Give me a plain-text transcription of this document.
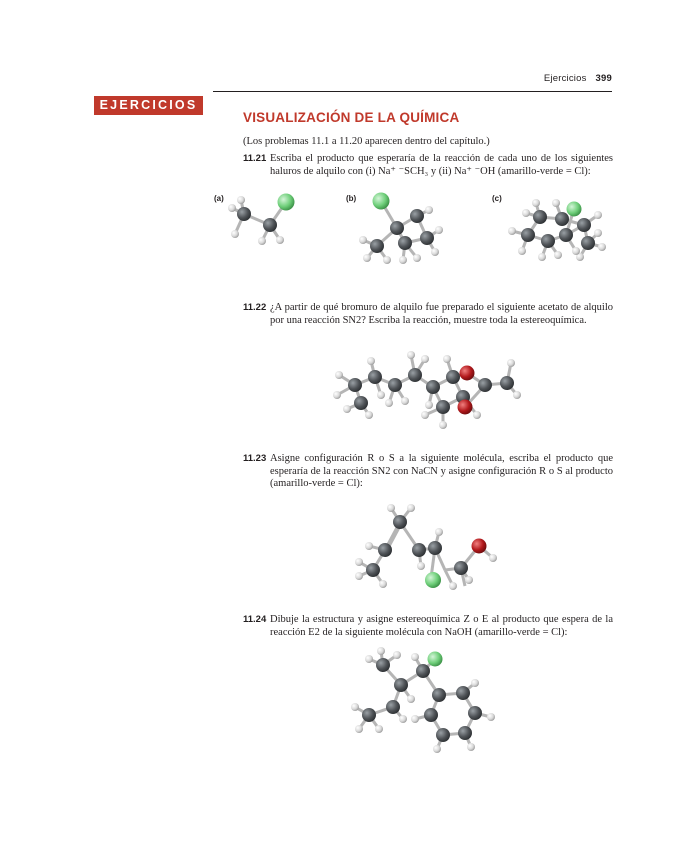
Ejercicios 399
EJERCICIOS
VISUALIZACIÓN DE LA QUÍMICA
(Los problemas 11.1 a 11.20 aparecen dentro del capítulo.)
11.21 Escriba el producto que esperaría de la reacción de cada uno de los siguientes haluros de alquilo con (i) Na⁺ ⁻SCH₃ y (ii) Na⁺ ⁻OH (amarillo-verde = Cl):
(a)	(b)	(c)
11.22 ¿A partir de qué bromuro de alquilo fue preparado el siguiente acetato de alquilo por una reacción SN2? Escriba la reacción, muestre toda la estereoquímica.
11.23 Asigne configuración R o S a la siguiente molécula, escriba el producto que esperaría de la reacción SN2 con NaCN y asigne configuración R o S al producto (amarillo-verde = Cl):
11.24 Dibuje la estructura y asigne estereoquímica Z o E al producto que espera de la reacción E2 de la siguiente molécula con NaOH (amarillo-verde = Cl):
